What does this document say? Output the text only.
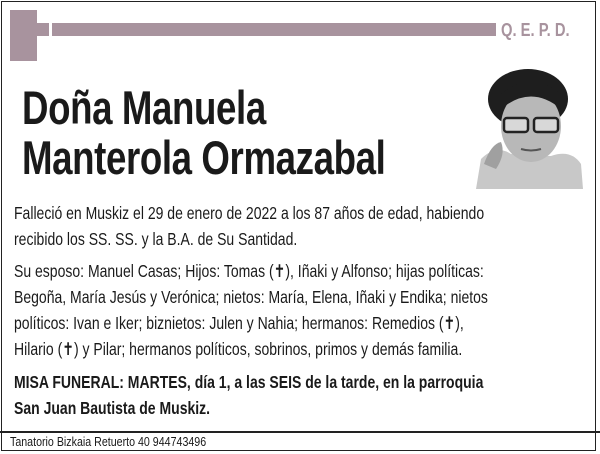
Q. E. P. D.
Doña Manuela
Manterola Ormazabal
Falleció en Muskiz el 29 de enero de 2022 a los 87 años de edad, habiendo
recibido los SS. SS. y la B.A. de Su Santidad.
Su esposo: Manuel Casas; Hijos: Tomas (✝), Iñaki y Alfonso; hijas políticas:
Begoña, María Jesús y Verónica; nietos: María, Elena, Iñaki y Endika; nietos
políticos: Ivan e Iker; biznietos: Julen y Nahia; hermanos: Remedios (✝),
Hilario (✝) y Pilar; hermanos políticos, sobrinos, primos y demás familia.
MISA FUNERAL: MARTES, día 1, a las SEIS de la tarde, en la parroquia
San Juan Bautista de Muskiz.
Tanatorio Bizkaia Retuerto 40 944743496
